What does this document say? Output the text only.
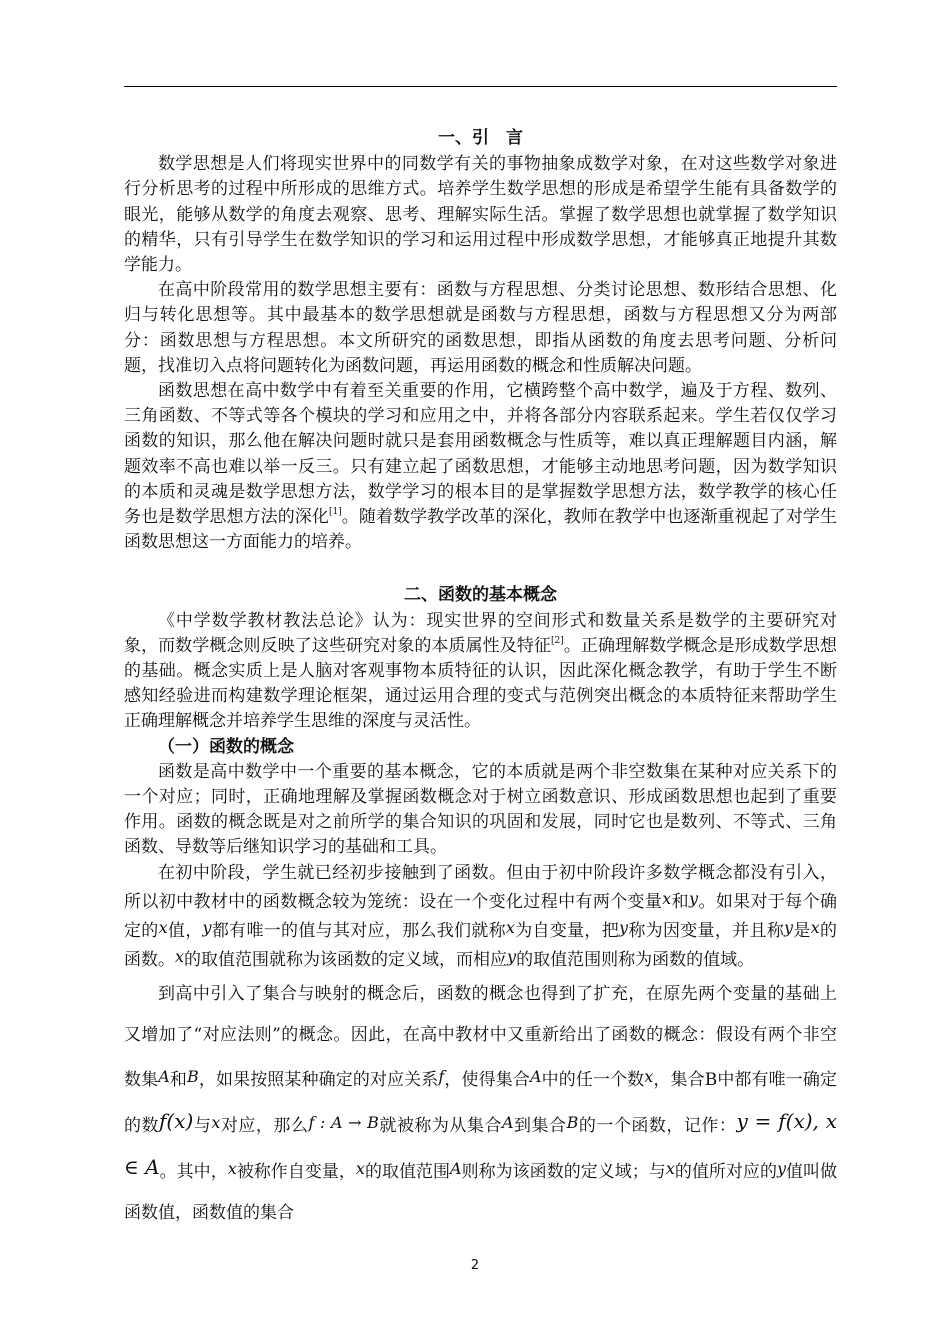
一、引　言

数学思想是人们将现实世界中的同数学有关的事物抽象成数学对象，在对这些数学对象进行分析思考的过程中所形成的思维方式。培养学生数学思想的形成是希望学生能有具备数学的眼光，能够从数学的角度去观察、思考、理解实际生活。掌握了数学思想也就掌握了数学知识的精华，只有引导学生在数学知识的学习和运用过程中形成数学思想，才能够真正地提升其数学能力。

在高中阶段常用的数学思想主要有：函数与方程思想、分类讨论思想、数形结合思想、化归与转化思想等。其中最基本的数学思想就是函数与方程思想，函数与方程思想又分为两部分：函数思想与方程思想。本文所研究的函数思想，即指从函数的角度去思考问题、分析问题，找准切入点将问题转化为函数问题，再运用函数的概念和性质解决问题。

函数思想在高中数学中有着至关重要的作用，它横跨整个高中数学，遍及于方程、数列、三角函数、不等式等各个模块的学习和应用之中，并将各部分内容联系起来。学生若仅仅学习函数的知识，那么他在解决问题时就只是套用函数概念与性质等，难以真正理解题目内涵，解题效率不高也难以举一反三。只有建立起了函数思想，才能够主动地思考问题，因为数学知识的本质和灵魂是数学思想方法，数学学习的根本目的是掌握数学思想方法，数学教学的核心任务也是数学思想方法的深化[1]。随着数学教学改革的深化，教师在教学中也逐渐重视起了对学生函数思想这一方面能力的培养。

二、函数的基本概念

《中学数学教材教法总论》认为：现实世界的空间形式和数量关系是数学的主要研究对象，而数学概念则反映了这些研究对象的本质属性及特征[2]。正确理解数学概念是形成数学思想的基础。概念实质上是人脑对客观事物本质特征的认识，因此深化概念教学，有助于学生不断感知经验进而构建数学理论框架，通过运用合理的变式与范例突出概念的本质特征来帮助学生正确理解概念并培养学生思维的深度与灵活性。

（一）函数的概念

函数是高中数学中一个重要的基本概念，它的本质就是两个非空数集在某种对应关系下的一个对应；同时，正确地理解及掌握函数概念对于树立函数意识、形成函数思想也起到了重要作用。函数的概念既是对之前所学的集合知识的巩固和发展，同时它也是数列、不等式、三角函数、导数等后继知识学习的基础和工具。

在初中阶段，学生就已经初步接触到了函数。但由于初中阶段许多数学概念都没有引入，所以初中教材中的函数概念较为笼统：设在一个变化过程中有两个变量x和y。如果对于每个确定的x值，y都有唯一的值与其对应，那么我们就称x为自变量，把y称为因变量，并且称y是x的函数。x的取值范围就称为该函数的定义域，而相应y的取值范围则称为函数的值域。

到高中引入了集合与映射的概念后，函数的概念也得到了扩充，在原先两个变量的基础上又增加了“对应法则”的概念。因此，在高中教材中又重新给出了函数的概念：假设有两个非空数集A和B，如果按照某种确定的对应关系f，使得集合A中的任一个数x，集合B中都有唯一确定的数f(x)与x对应，那么f : A → B就被称为从集合A到集合B的一个函数，记作：y = f(x), x ∈ A。其中，x被称作自变量，x的取值范围A则称为该函数的定义域；与x的值所对应的y值叫做函数值，函数值的集合

2
